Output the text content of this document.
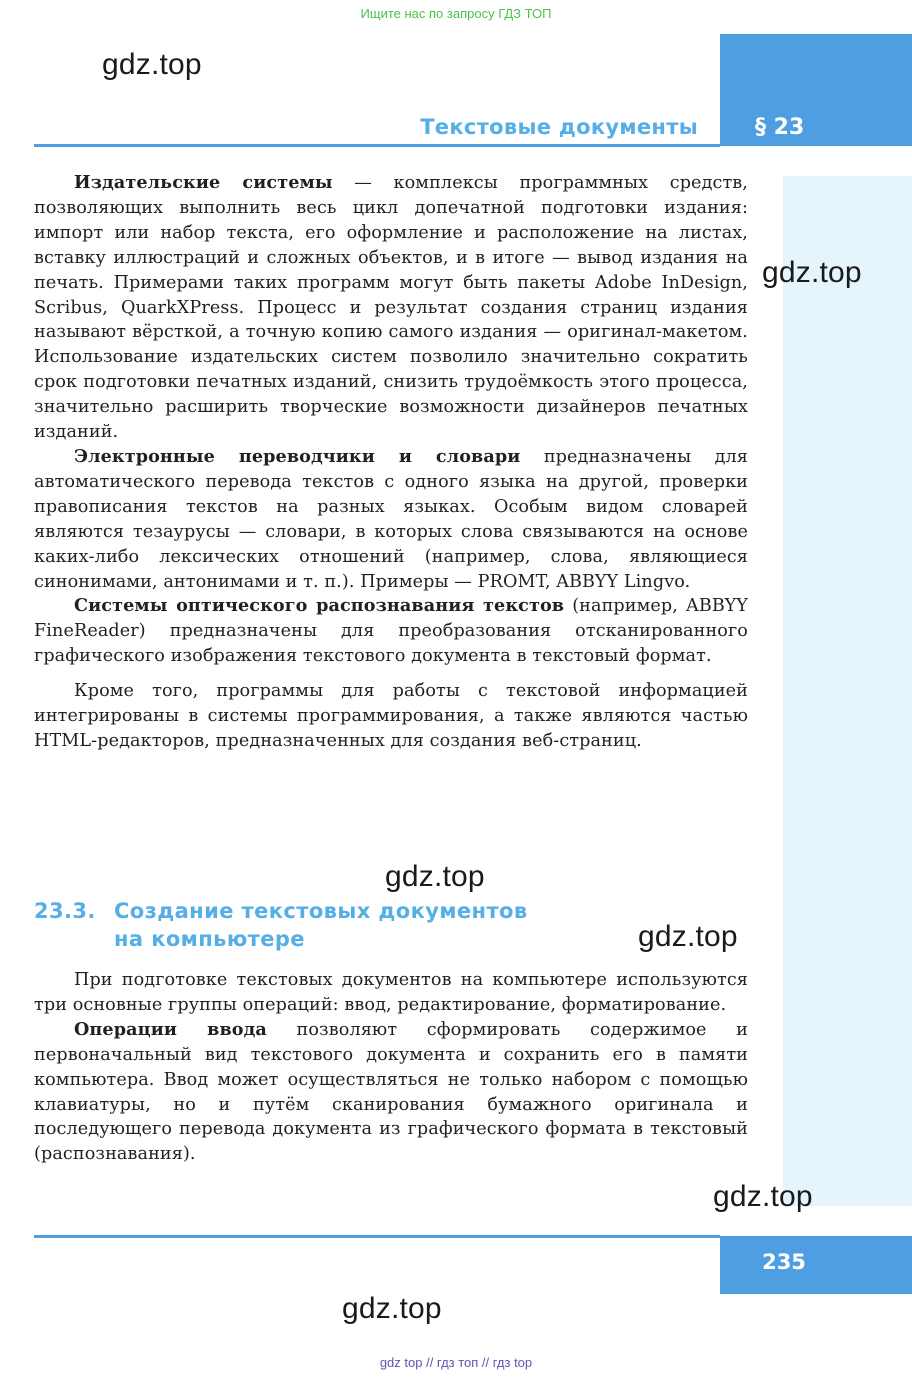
Ищите нас по запросу ГДЗ ТОП
Текстовые документы	§ 23
gdz.top
gdz.top
gdz.top
gdz.top
gdz.top
gdz.top

Издательские системы — комплексы программных средств, позволяющих выполнить весь цикл допечатной подготовки издания: импорт или набор текста, его оформление и расположение на листах, вставку иллюстраций и сложных объектов, и в итоге — вывод издания на печать. Примерами таких программ могут быть пакеты Adobe InDesign, Scribus, QuarkXPress. Процесс и результат создания страниц издания называют вёрсткой, а точную копию самого издания — оригинал-макетом. Использование издательских систем позволило значительно сократить срок подготовки печатных изданий, снизить трудоёмкость этого процесса, значительно расширить творческие возможности дизайнеров печатных изданий.

Электронные переводчики и словари предназначены для автоматического перевода текстов с одного языка на другой, проверки правописания текстов на разных языках. Особым видом словарей являются тезаурусы — словари, в которых слова связываются на основе каких-либо лексических отношений (например, слова, являющиеся синонимами, антонимами и т. п.). Примеры — PROMT, ABBYY Lingvo.

Системы оптического распознавания текстов (например, ABBYY FineReader) предназначены для преобразования отсканированного графического изображения текстового документа в текстовый формат.

Кроме того, программы для работы с текстовой информацией интегрированы в системы программирования, а также являются частью HTML-редакторов, предназначенных для создания веб-страниц.

23.3. Создание текстовых документов
на компьютере

При подготовке текстовых документов на компьютере используются три основные группы операций: ввод, редактирование, форматирование.

Операции ввода позволяют сформировать содержимое и первоначальный вид текстового документа и сохранить его в памяти компьютера. Ввод может осуществляться не только набором с помощью клавиатуры, но и путём сканирования бумажного оригинала и последующего перевода документа из графического формата в текстовый (распознавания).

235
gdz top // гдз топ // гдз top
